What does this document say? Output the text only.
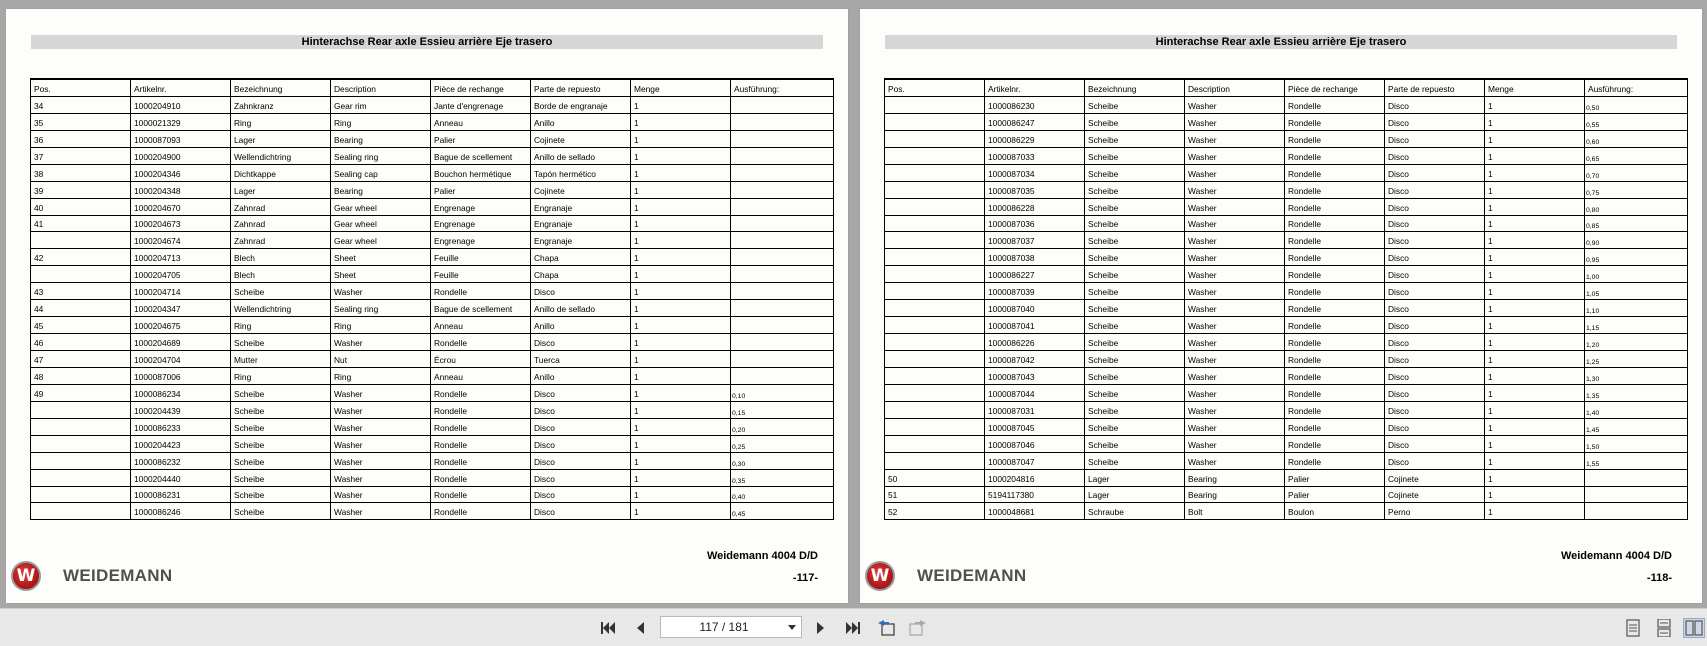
Hinterachse Rear axle Essieu arrière Eje trasero
Pos.	Artikelnr.	Bezeichnung	Description	Pièce de rechange	Parte de repuesto	Menge	Ausführung:
34	1000204910	Zahnkranz	Gear rim	Jante d'engrenage	Borde de engranaje	1	
35	1000021329	Ring	Ring	Anneau	Anillo	1	
36	1000087093	Lager	Bearing	Palier	Cojinete	1	
37	1000204900	Wellendichtring	Sealing ring	Bague de scellement	Anillo de sellado	1	
38	1000204346	Dichtkappe	Sealing cap	Bouchon hermétique	Tapón hermético	1	
39	1000204348	Lager	Bearing	Palier	Cojinete	1	
40	1000204670	Zahnrad	Gear wheel	Engrenage	Engranaje	1	
41	1000204673	Zahnrad	Gear wheel	Engrenage	Engranaje	1	
	1000204674	Zahnrad	Gear wheel	Engrenage	Engranaje	1	
42	1000204713	Blech	Sheet	Feuille	Chapa	1	
	1000204705	Blech	Sheet	Feuille	Chapa	1	
43	1000204714	Scheibe	Washer	Rondelle	Disco	1	
44	1000204347	Wellendichtring	Sealing ring	Bague de scellement	Anillo de sellado	1	
45	1000204675	Ring	Ring	Anneau	Anillo	1	
46	1000204689	Scheibe	Washer	Rondelle	Disco	1	
47	1000204704	Mutter	Nut	Écrou	Tuerca	1	
48	1000087006	Ring	Ring	Anneau	Anillo	1	
49	1000086234	Scheibe	Washer	Rondelle	Disco	1	0,10
	1000204439	Scheibe	Washer	Rondelle	Disco	1	0,15
	1000086233	Scheibe	Washer	Rondelle	Disco	1	0,20
	1000204423	Scheibe	Washer	Rondelle	Disco	1	0,25
	1000086232	Scheibe	Washer	Rondelle	Disco	1	0,30
	1000204440	Scheibe	Washer	Rondelle	Disco	1	0,35
	1000086231	Scheibe	Washer	Rondelle	Disco	1	0,40
	1000086246	Scheibe	Washer	Rondelle	Disco	1	0,45
Weidemann 4004 D/D
-117-
W	WEIDEMANN
Hinterachse Rear axle Essieu arrière Eje trasero
Pos.	Artikelnr.	Bezeichnung	Description	Pièce de rechange	Parte de repuesto	Menge	Ausführung:
	1000086230	Scheibe	Washer	Rondelle	Disco	1	0,50
	1000086247	Scheibe	Washer	Rondelle	Disco	1	0,55
	1000086229	Scheibe	Washer	Rondelle	Disco	1	0,60
	1000087033	Scheibe	Washer	Rondelle	Disco	1	0,65
	1000087034	Scheibe	Washer	Rondelle	Disco	1	0,70
	1000087035	Scheibe	Washer	Rondelle	Disco	1	0,75
	1000086228	Scheibe	Washer	Rondelle	Disco	1	0,80
	1000087036	Scheibe	Washer	Rondelle	Disco	1	0,85
	1000087037	Scheibe	Washer	Rondelle	Disco	1	0,90
	1000087038	Scheibe	Washer	Rondelle	Disco	1	0,95
	1000086227	Scheibe	Washer	Rondelle	Disco	1	1,00
	1000087039	Scheibe	Washer	Rondelle	Disco	1	1,05
	1000087040	Scheibe	Washer	Rondelle	Disco	1	1,10
	1000087041	Scheibe	Washer	Rondelle	Disco	1	1,15
	1000086226	Scheibe	Washer	Rondelle	Disco	1	1,20
	1000087042	Scheibe	Washer	Rondelle	Disco	1	1,25
	1000087043	Scheibe	Washer	Rondelle	Disco	1	1,30
	1000087044	Scheibe	Washer	Rondelle	Disco	1	1,35
	1000087031	Scheibe	Washer	Rondelle	Disco	1	1,40
	1000087045	Scheibe	Washer	Rondelle	Disco	1	1,45
	1000087046	Scheibe	Washer	Rondelle	Disco	1	1,50
	1000087047	Scheibe	Washer	Rondelle	Disco	1	1,55
50	1000204816	Lager	Bearing	Palier	Cojinete	1	
51	5194117380	Lager	Bearing	Palier	Cojinete	1	
52	1000048681	Schraube	Bolt	Boulon	Perno	1	
Weidemann 4004 D/D
-118-
W	WEIDEMANN
117 / 181
